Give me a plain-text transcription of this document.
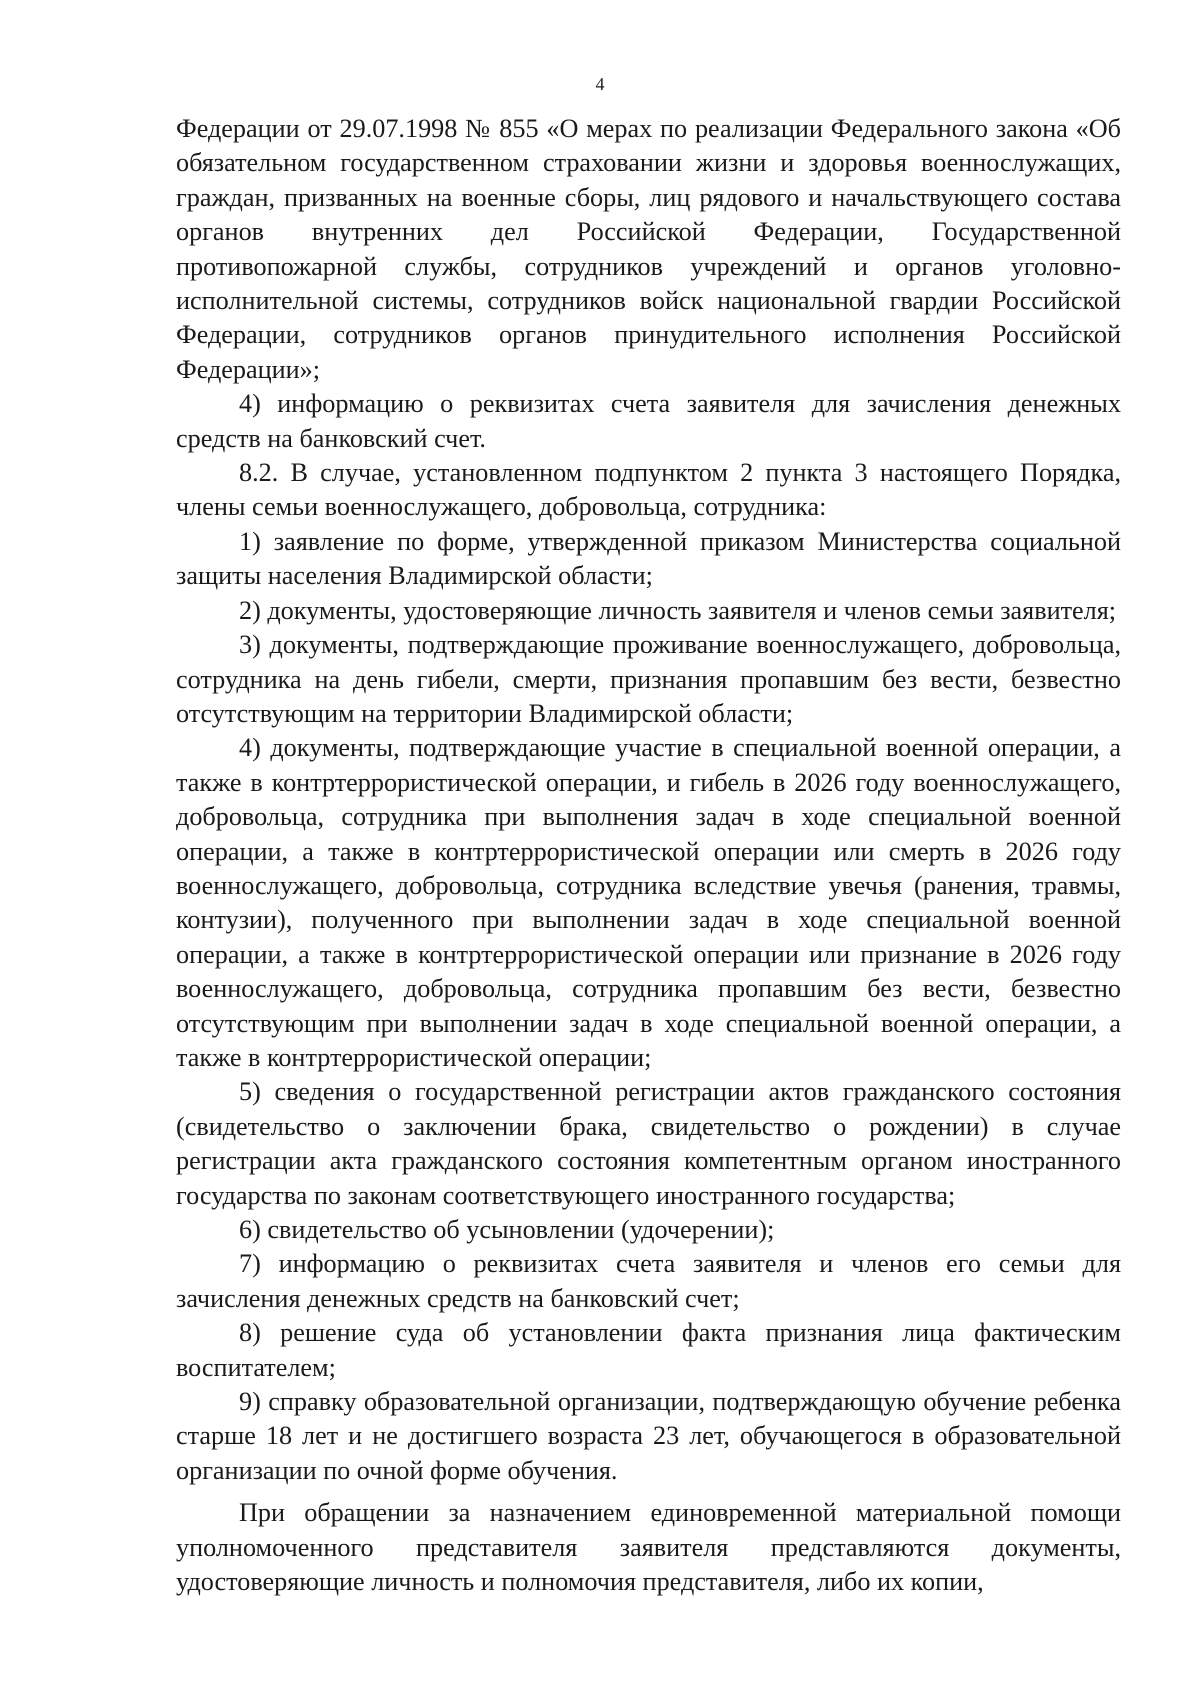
4

Федерации от 29.07.1998 № 855 «О мерах по реализации Федерального закона «Об обязательном государственном страховании жизни и здоровья военнослужащих, граждан, призванных на военные сборы, лиц рядового и начальствующего состава органов внутренних дел Российской Федерации, Государственной противопожарной службы, сотрудников учреждений и органов уголовно-исполнительной системы, сотрудников войск национальной гвардии Российской Федерации, сотрудников органов принудительного исполнения Российской Федерации»;

4) информацию о реквизитах счета заявителя для зачисления денежных средств на банковский счет.

8.2. В случае, установленном подпунктом 2 пункта 3 настоящего Порядка, члены семьи военнослужащего, добровольца, сотрудника:

1) заявление по форме, утвержденной приказом Министерства социальной защиты населения Владимирской области;

2) документы, удостоверяющие личность заявителя и членов семьи заявителя;

3) документы, подтверждающие проживание военнослужащего, добровольца, сотрудника на день гибели, смерти, признания пропавшим без вести, безвестно отсутствующим на территории Владимирской области;

4) документы, подтверждающие участие в специальной военной операции, а также в контртеррористической операции, и гибель в 2026 году военнослужащего, добровольца, сотрудника при выполнения задач в ходе специальной военной операции, а также в контртеррористической операции или смерть в 2026 году военнослужащего, добровольца, сотрудника вследствие увечья (ранения, травмы, контузии), полученного при выполнении задач в ходе специальной военной операции, а также в контртеррористической операции или признание в 2026 году военнослужащего, добровольца, сотрудника пропавшим без вести, безвестно отсутствующим при выполнении задач в ходе специальной военной операции, а также в контртеррористической операции;

5) сведения о государственной регистрации актов гражданского состояния (свидетельство о заключении брака, свидетельство о рождении) в случае регистрации акта гражданского состояния компетентным органом иностранного государства по законам соответствующего иностранного государства;

6) свидетельство об усыновлении (удочерении);

7) информацию о реквизитах счета заявителя и членов его семьи для зачисления денежных средств на банковский счет;

8) решение суда об установлении факта признания лица фактическим воспитателем;

9) справку образовательной организации, подтверждающую обучение ребенка старше 18 лет и не достигшего возраста 23 лет, обучающегося в образовательной организации по очной форме обучения.

При обращении за назначением единовременной материальной помощи уполномоченного представителя заявителя представляются документы, удостоверяющие личность и полномочия представителя, либо их копии,
